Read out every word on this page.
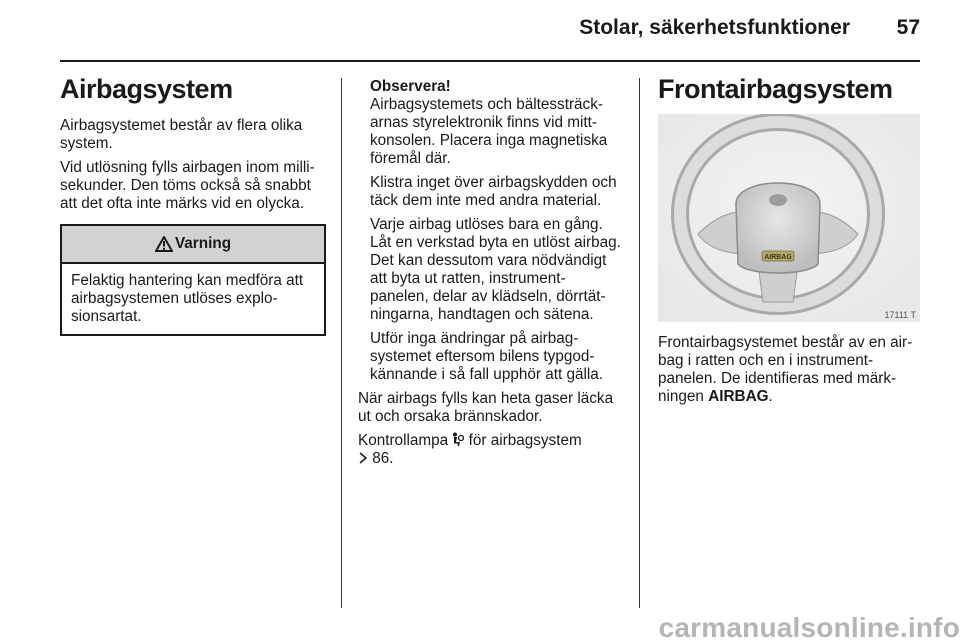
Stolar, säkerhetsfunktioner	57
Airbagsystem

Airbagsystemet består av flera olika system.

Vid utlösning fylls airbagen inom milli-sekunder. Den töms också så snabbt att det ofta inte märks vid en olycka.

Varning

Felaktig hantering kan medföra att airbagsystemen utlöses explo-sionsartat.

Observera!

Airbagsystemets och bältessträck-arnas styrelektronik finns vid mitt-konsolen. Placera inga magnetiska föremål där.

Klistra inget över airbagskydden och täck dem inte med andra material.

Varje airbag utlöses bara en gång. Låt en verkstad byta en utlöst airbag. Det kan dessutom vara nödvändigt att byta ut ratten, instrument-panelen, delar av klädseln, dörrtät-ningarna, handtagen och sätena.

Utför inga ändringar på airbag-systemet eftersom bilens typgod-kännande i så fall upphör att gälla.

När airbags fylls kan heta gaser läcka ut och orsaka brännskador.

Kontrollampa för airbagsystem
86.

Frontairbagsystem
AIRBAG
17111 T

Frontairbagsystemet består av en air-bag i ratten och en i instrument-panelen. De identifieras med märk-ningen AIRBAG.

carmanualsonline.info
